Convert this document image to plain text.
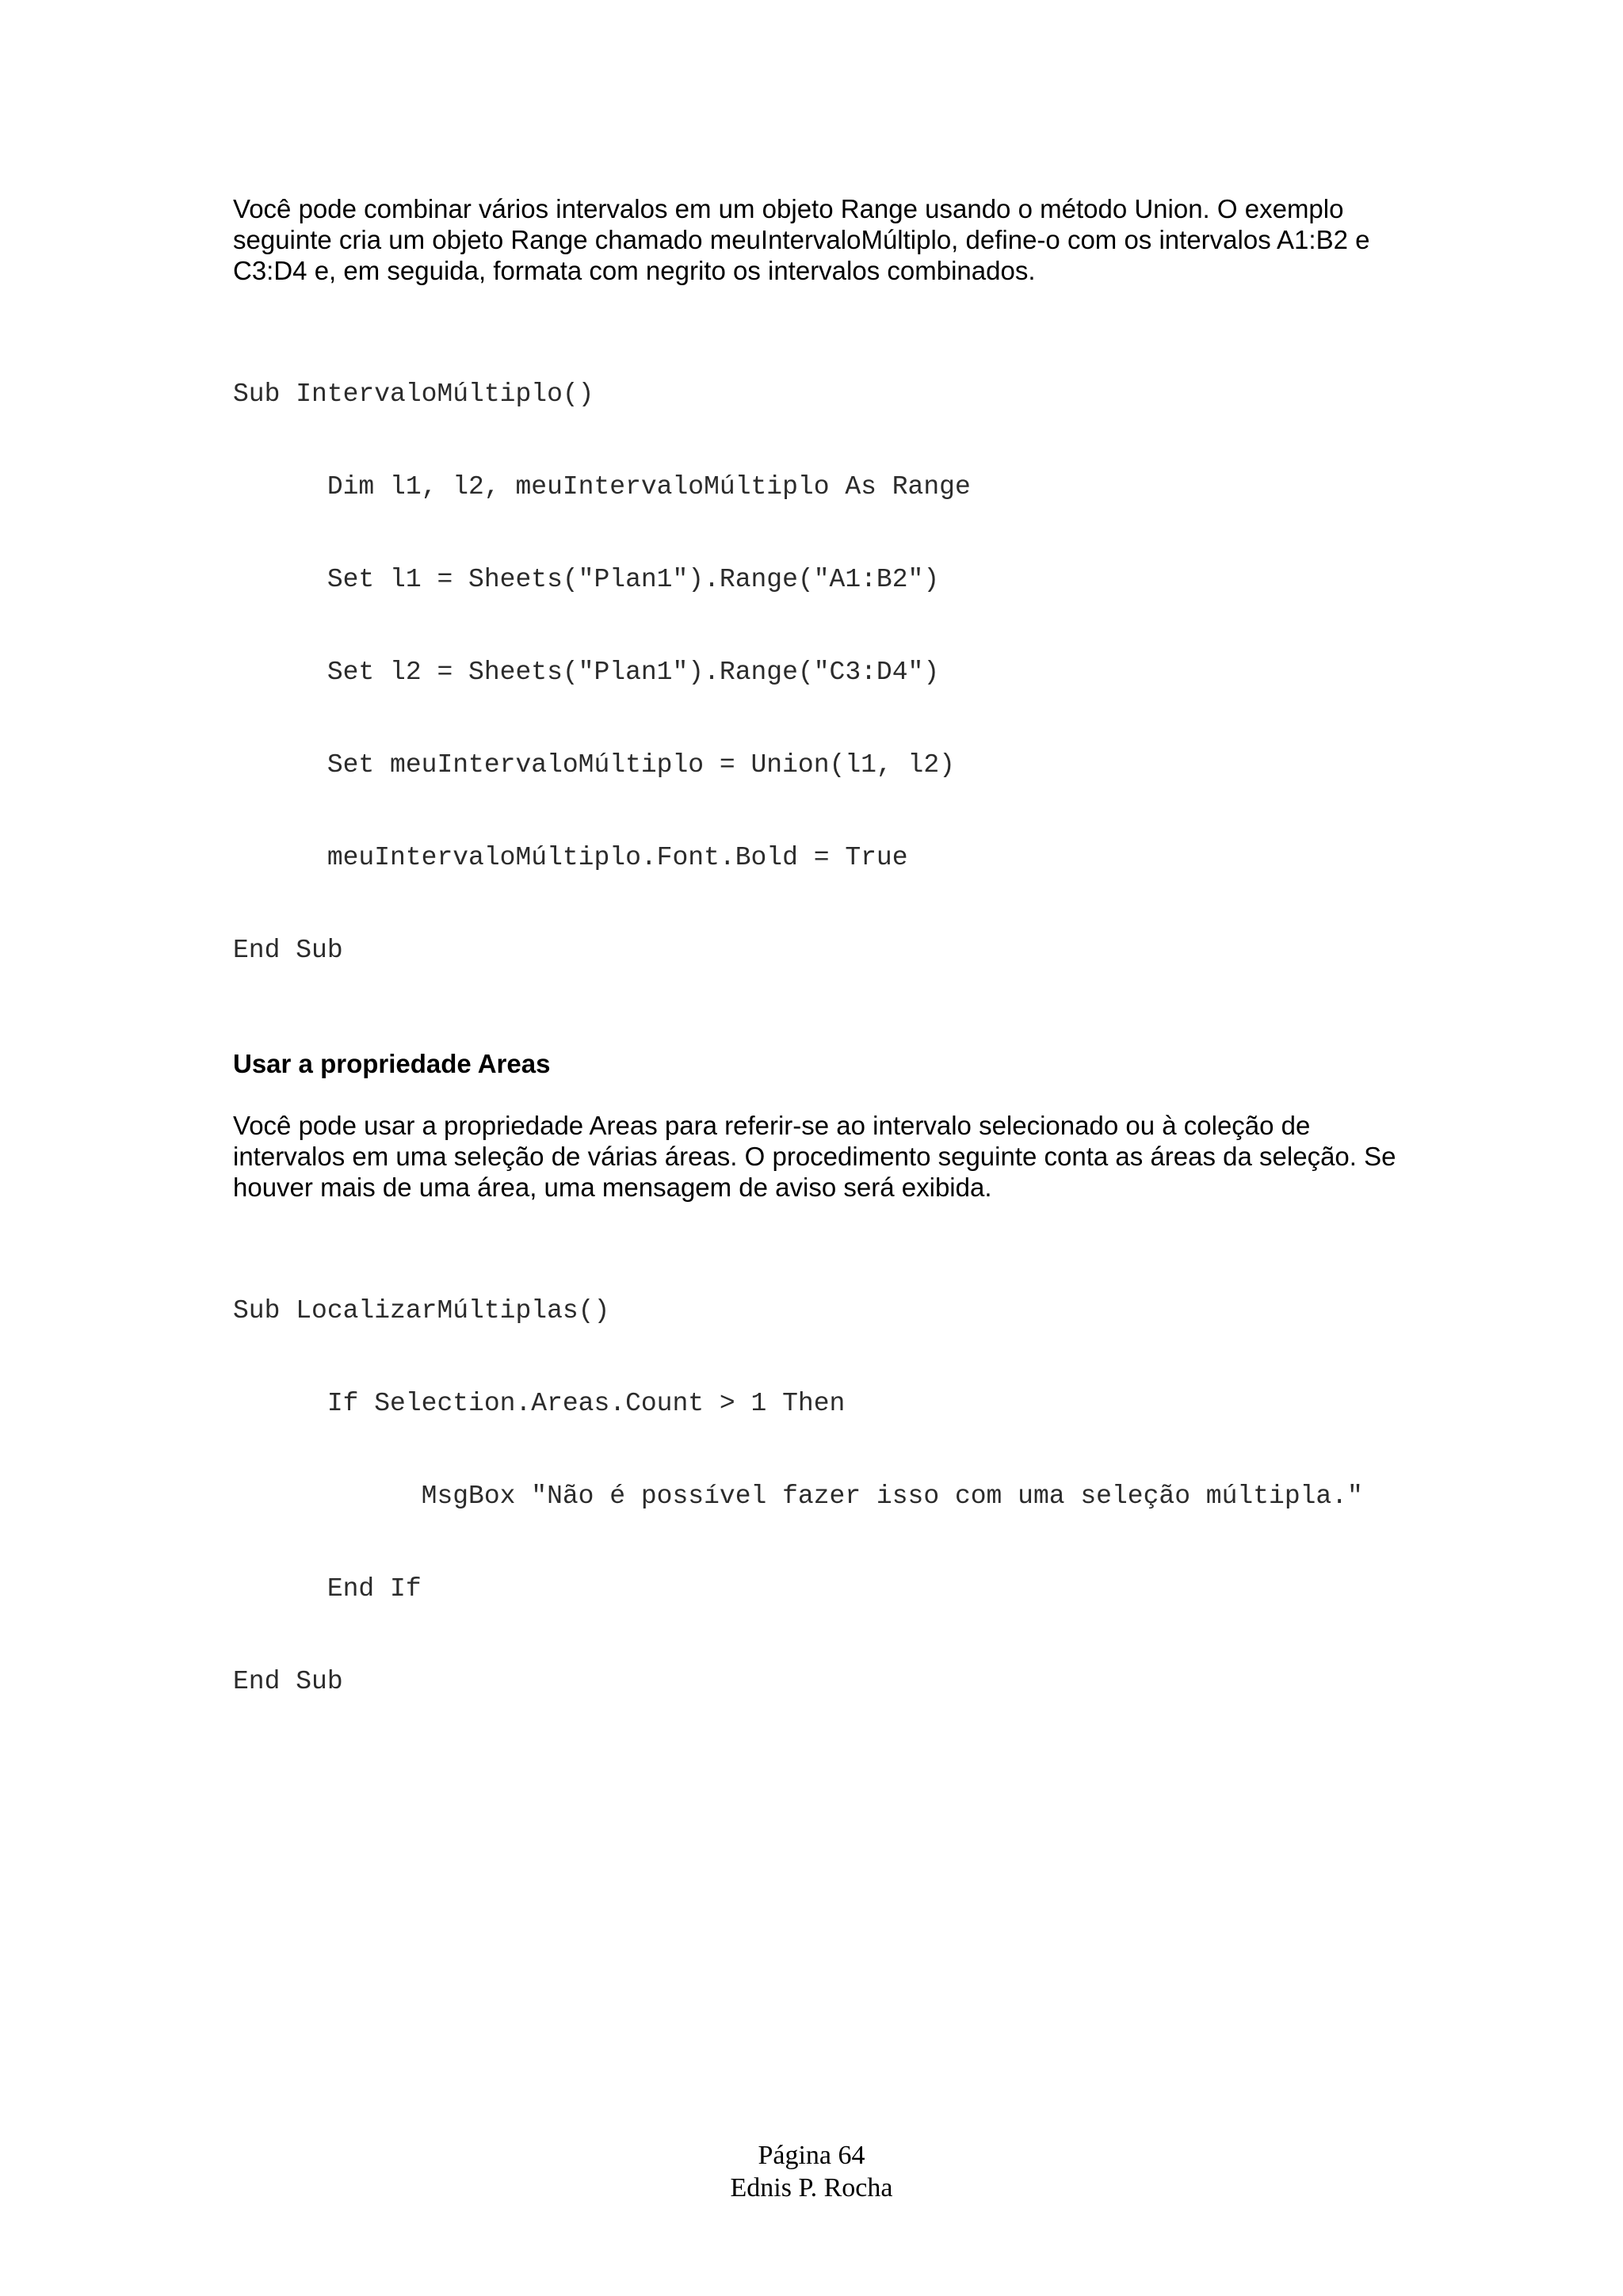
Você pode combinar vários intervalos em um objeto Range usando o método Union. O exemplo
seguinte cria um objeto Range chamado meuIntervaloMúltiplo, define-o com os intervalos A1:B2 e
C3:D4 e, em seguida, formata com negrito os intervalos combinados.

Sub IntervaloMúltiplo()

Dim l1, l2, meuIntervaloMúltiplo As Range

Set l1 = Sheets("Plan1").Range("A1:B2")

Set l2 = Sheets("Plan1").Range("C3:D4")

Set meuIntervaloMúltiplo = Union(l1, l2)

meuIntervaloMúltiplo.Font.Bold = True

End Sub

Usar a propriedade Areas
Você pode usar a propriedade Areas para referir-se ao intervalo selecionado ou à coleção de
intervalos em uma seleção de várias áreas. O procedimento seguinte conta as áreas da seleção. Se
houver mais de uma área, uma mensagem de aviso será exibida.

Sub LocalizarMúltiplas()

If Selection.Areas.Count > 1 Then

MsgBox "Não é possível fazer isso com uma seleção múltipla."

End If

End Sub

Página 64
Ednis P. Rocha
